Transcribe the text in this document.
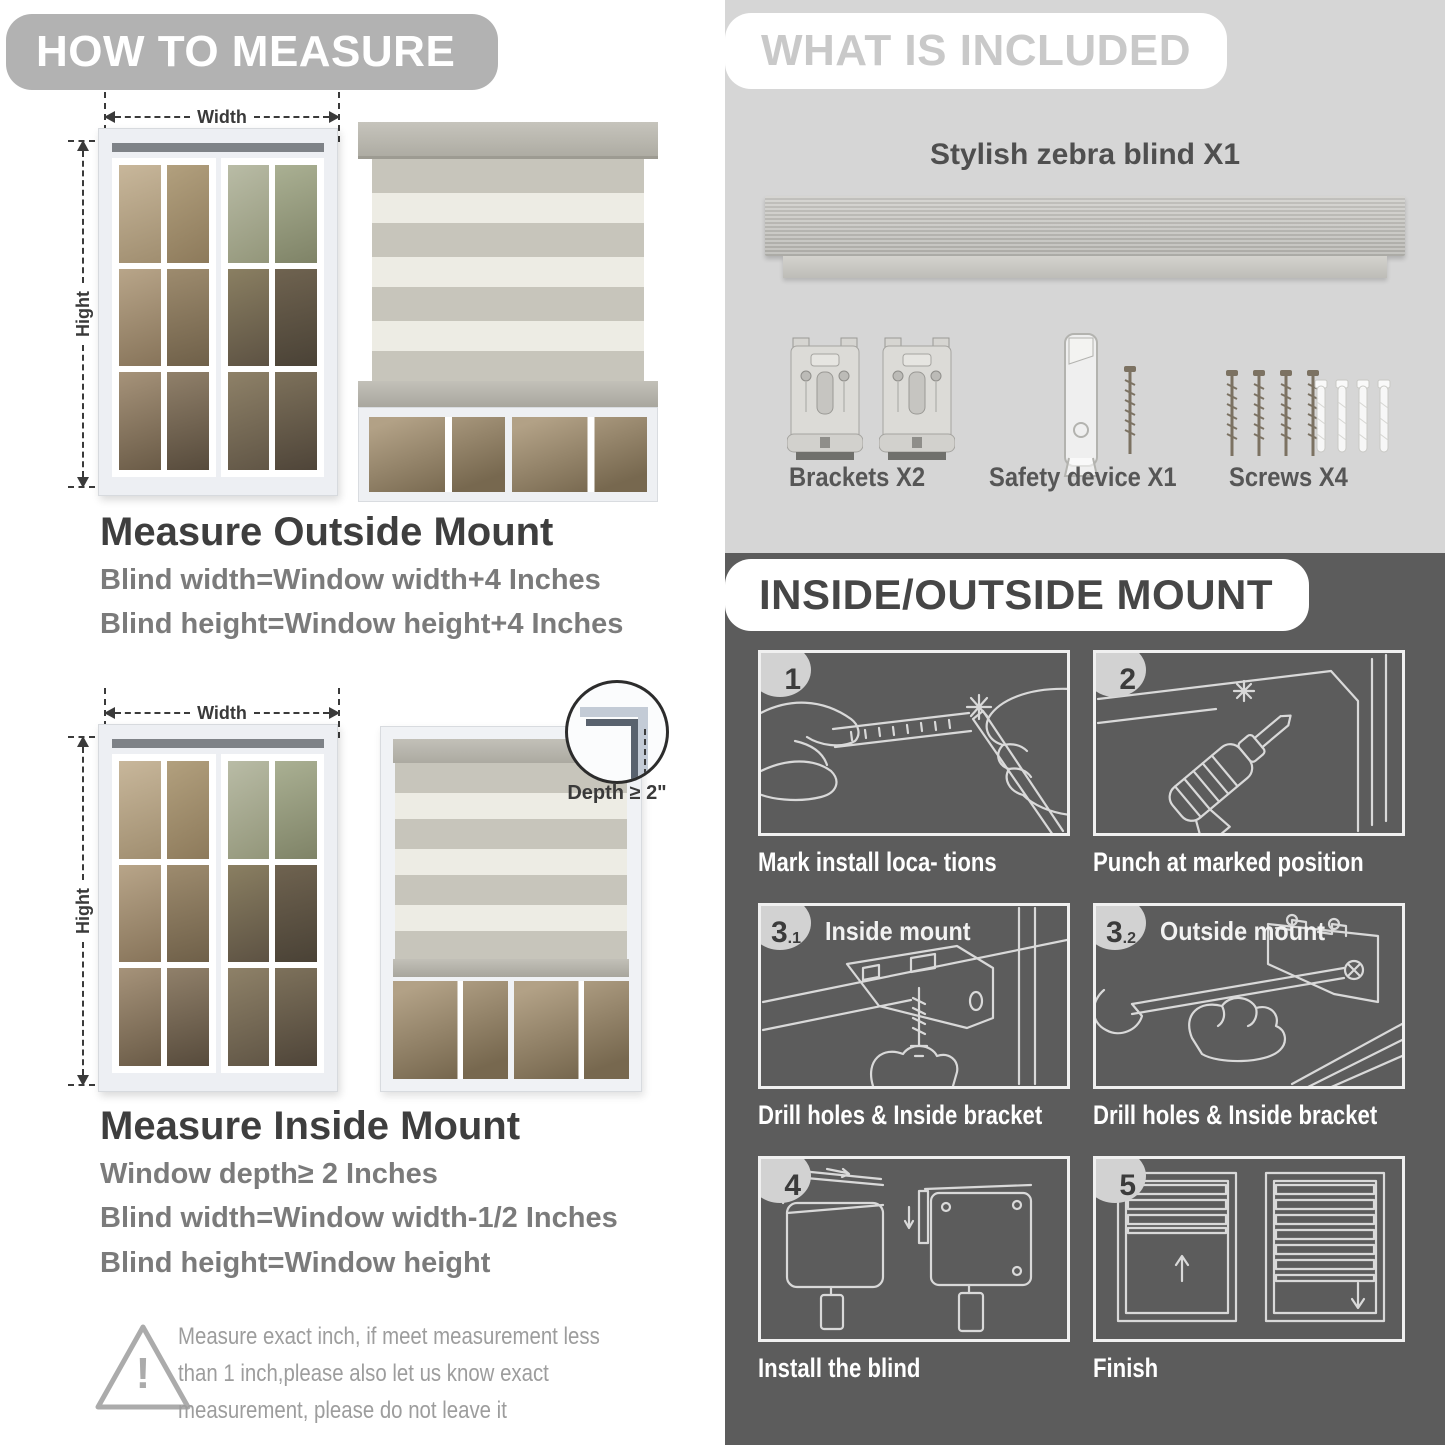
HOW TO MEASURE
Width
Hight
Measure Outside Mount
Blind width=Window width+4 Inches
Blind height=Window height+4 Inches
Width
Hight
Depth ≥ 2"
Measure Inside Mount
Window depth≥ 2 Inches
Blind width=Window width-1/2 Inches
Blind height=Window height
!
Measure exact inch, if meet measurement less
than 1 inch,please also let us know exact
measurement, please do not leave it
WHAT IS INCLUDED
Stylish zebra blind X1
Brackets X2 Safety device X1 Screws X4
INSIDE/OUTSIDE MOUNT
1
Mark install loca- tions
2
Punch at marked position
3 .1 Inside mount
Drill holes & Inside bracket
3 .2 Outside mount
Drill holes & Inside bracket
4
Install the blind
5
Finish
